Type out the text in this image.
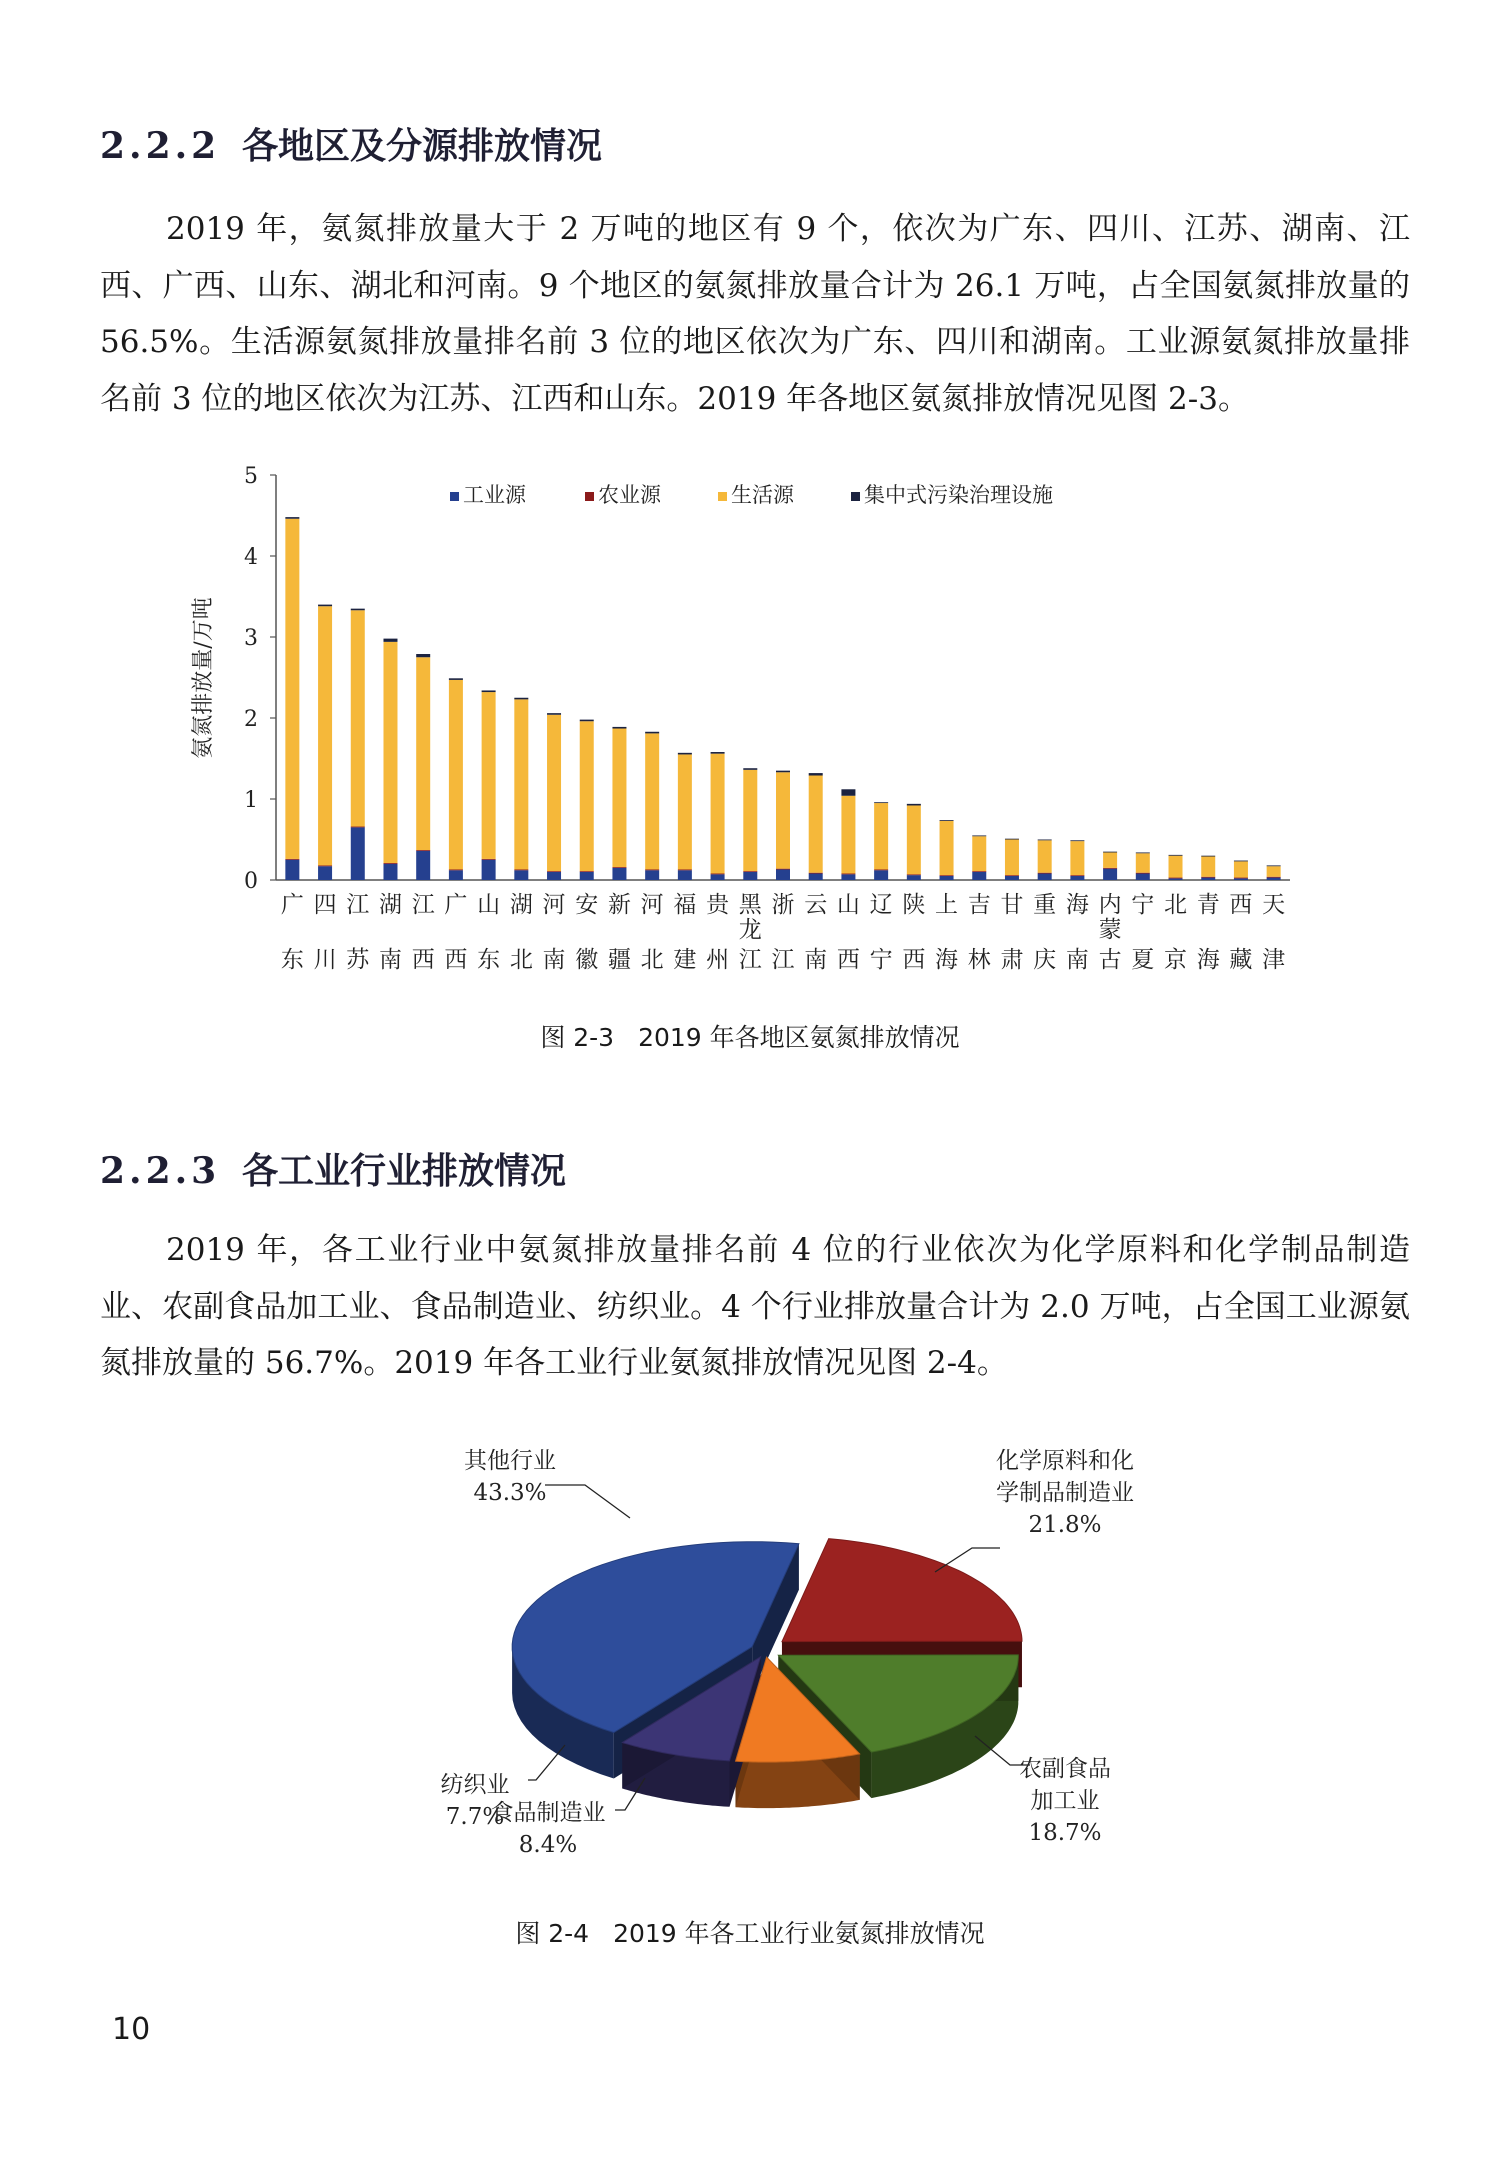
2.2.2 各地区及分源排放情况
2019 年，氨氮排放量大于 2 万吨的地区有 9 个，依次为广东、四川、江苏、湖南、江西、广西、山东、湖北和河南。9 个地区的氨氮排放量合计为 26.1 万吨，占全国氨氮排放量的 56.5%。生活源氨氮排放量排名前 3 位的地区依次为广东、四川和湖南。工业源氨氮排放量排名前 3 位的地区依次为江苏、江西和山东。2019 年各地区氨氮排放情况见图 2-3。
0
1
2
3
4
5
氨氮排放量/万吨
广
东
四
川
江
苏
湖
南
江
西
广
西
山
东
湖
北
河
南
安
徽
新
疆
河
北
福
建
贵
州
黑
龙
江
浙
江
云
南
山
西
辽
宁
陕
西
上
海
吉
林
甘
肃
重
庆
海
南
内
蒙
古
宁
夏
北
京
青
海
西
藏
天
津
工业源	农业源	生活源	集中式污染治理设施
图 2-3 2019 年各地区氨氮排放情况
2.2.3 各工业行业排放情况
2019 年，各工业行业中氨氮排放量排名前 4 位的行业依次为化学原料和化学制品制造业、农副食品加工业、食品制造业、纺织业。4 个行业排放量合计为 2.0 万吨，占全国工业源氨氮排放量的 56.7%。2019 年各工业行业氨氮排放情况见图 2-4。
其他行业
43.3%
化学原料和化
学制品制造业
21.8%
农副食品
加工业
18.7%
食品制造业
8.4%
纺织业
7.7%
图 2-4 2019 年各工业行业氨氮排放情况
10
